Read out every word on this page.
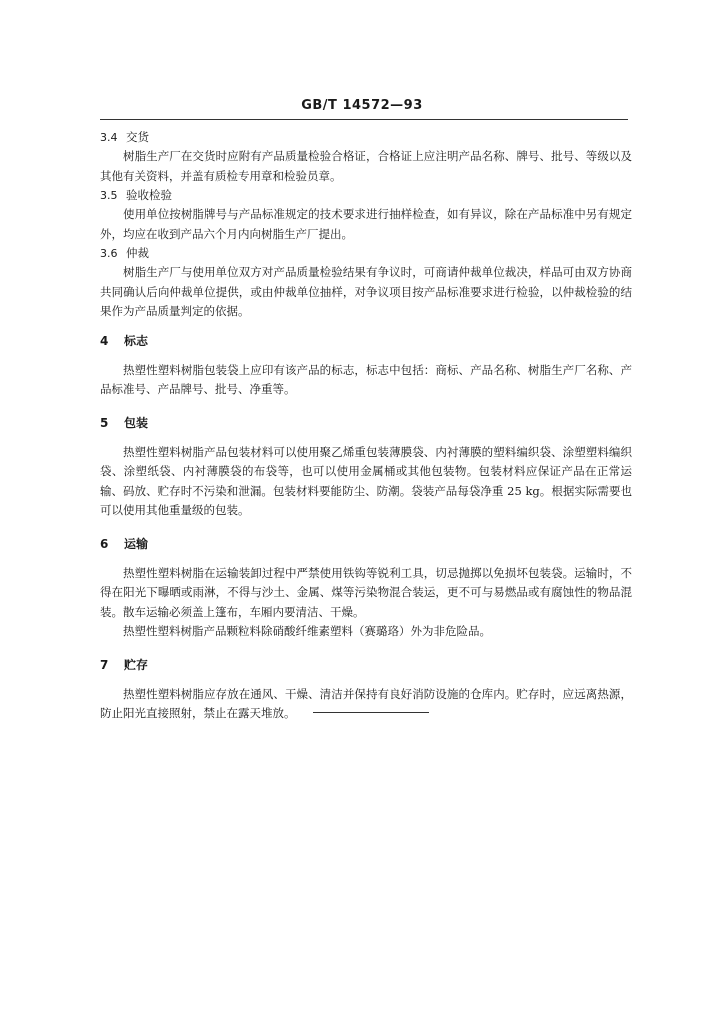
GB/T 14572—93
3.4 交货

树脂生产厂在交货时应附有产品质量检验合格证，合格证上应注明产品名称、牌号、批号、等级以及其他有关资料，并盖有质检专用章和检验员章。

3.5 验收检验

使用单位按树脂牌号与产品标准规定的技术要求进行抽样检查，如有异议，除在产品标准中另有规定外，均应在收到产品六个月内向树脂生产厂提出。

3.6 仲裁

树脂生产厂与使用单位双方对产品质量检验结果有争议时，可商请仲裁单位裁决，样品可由双方协商共同确认后向仲裁单位提供，或由仲裁单位抽样，对争议项目按产品标准要求进行检验，以仲裁检验的结果作为产品质量判定的依据。

4 标志

热塑性塑料树脂包装袋上应印有该产品的标志，标志中包括：商标、产品名称、树脂生产厂名称、产品标准号、产品牌号、批号、净重等。

5 包装

热塑性塑料树脂产品包装材料可以使用聚乙烯重包装薄膜袋、内衬薄膜的塑料编织袋、涂塑塑料编织袋、涂塑纸袋、内衬薄膜袋的布袋等，也可以使用金属桶或其他包装物。包装材料应保证产品在正常运输、码放、贮存时不污染和泄漏。包装材料要能防尘、防潮。袋装产品每袋净重 25 kg。根据实际需要也可以使用其他重量级的包装。

6 运输

热塑性塑料树脂在运输装卸过程中严禁使用铁钩等锐利工具，切忌抛掷以免损坏包装袋。运输时，不得在阳光下曝晒或雨淋，不得与沙土、金属、煤等污染物混合装运，更不可与易燃品或有腐蚀性的物品混装。散车运输必须盖上篷布，车厢内要清洁、干燥。

热塑性塑料树脂产品颗粒料除硝酸纤维素塑料（赛璐珞）外为非危险品。

7 贮存

热塑性塑料树脂应存放在通风、干燥、清洁并保持有良好消防设施的仓库内。贮存时，应远离热源，防止阳光直接照射，禁止在露天堆放。
